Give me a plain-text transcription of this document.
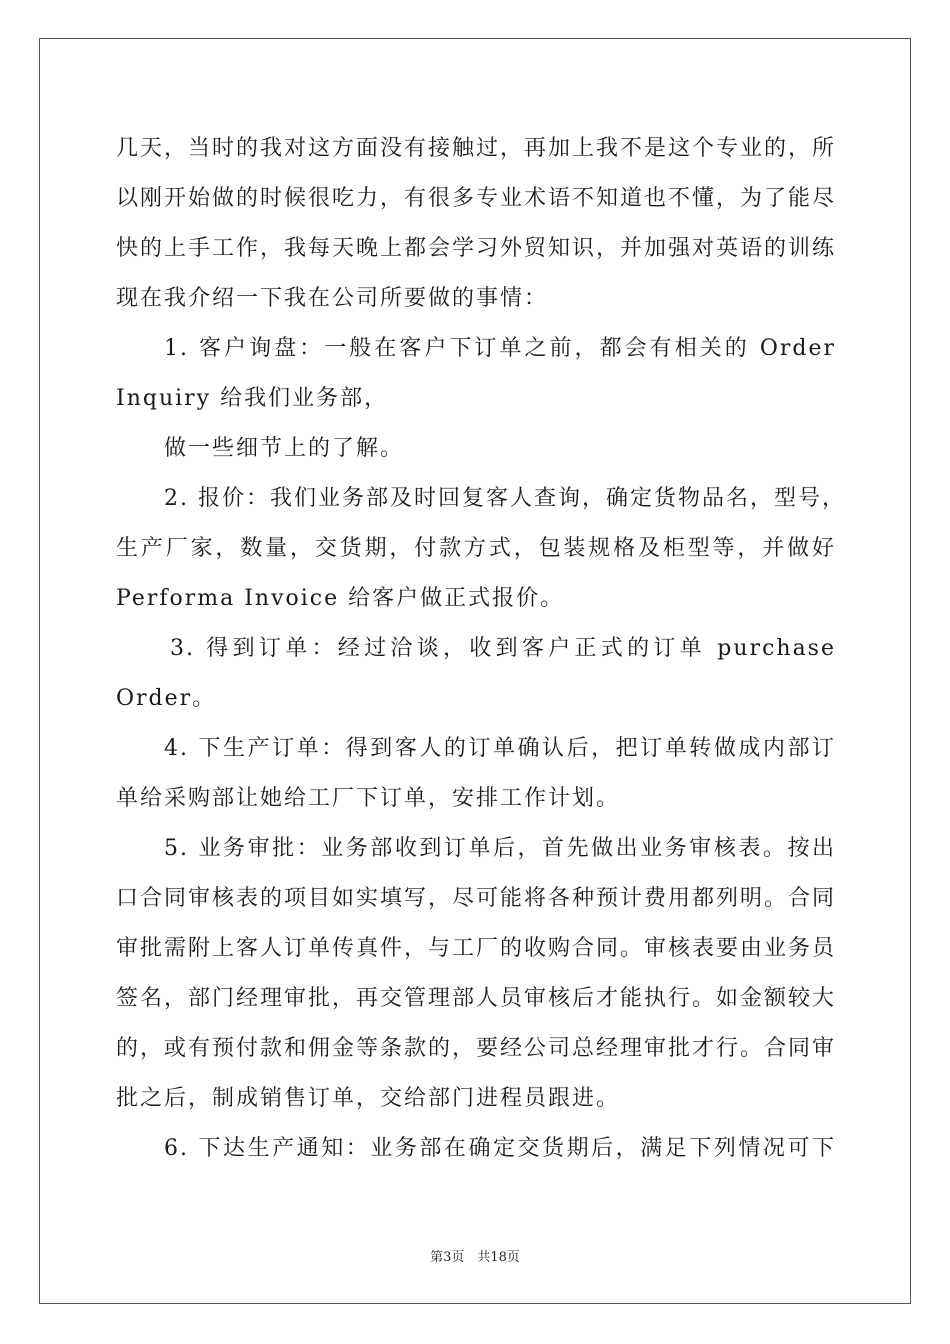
几天，当时的我对这方面没有接触过，再加上我不是这个专业的，所
以刚开始做的时候很吃力，有很多专业术语不知道也不懂，为了能尽
快的上手工作，我每天晚上都会学习外贸知识，并加强对英语的训练
现在我介绍一下我在公司所要做的事情：
1. 客户询盘：一般在客户下订单之前，都会有相关的 Order
Inquiry 给我们业务部，
做一些细节上的了解。
2. 报价：我们业务部及时回复客人查询，确定货物品名，型号，
生产厂家，数量，交货期，付款方式，包装规格及柜型等，并做好
Performa Invoice 给客户做正式报价。
3. 得到订单：经过洽谈，收到客户正式的订单 purchase
Order。
4. 下生产订单：得到客人的订单确认后，把订单转做成内部订
单给采购部让她给工厂下订单，安排工作计划。
5. 业务审批：业务部收到订单后，首先做出业务审核表。按出
口合同审核表的项目如实填写，尽可能将各种预计费用都列明。合同
审批需附上客人订单传真件，与工厂的收购合同。审核表要由业务员
签名，部门经理审批，再交管理部人员审核后才能执行。如金额较大
的，或有预付款和佣金等条款的，要经公司总经理审批才行。合同审
批之后，制成销售订单，交给部门进程员跟进。
6. 下达生产通知：业务部在确定交货期后，满足下列情况可下
第3页　共18页
